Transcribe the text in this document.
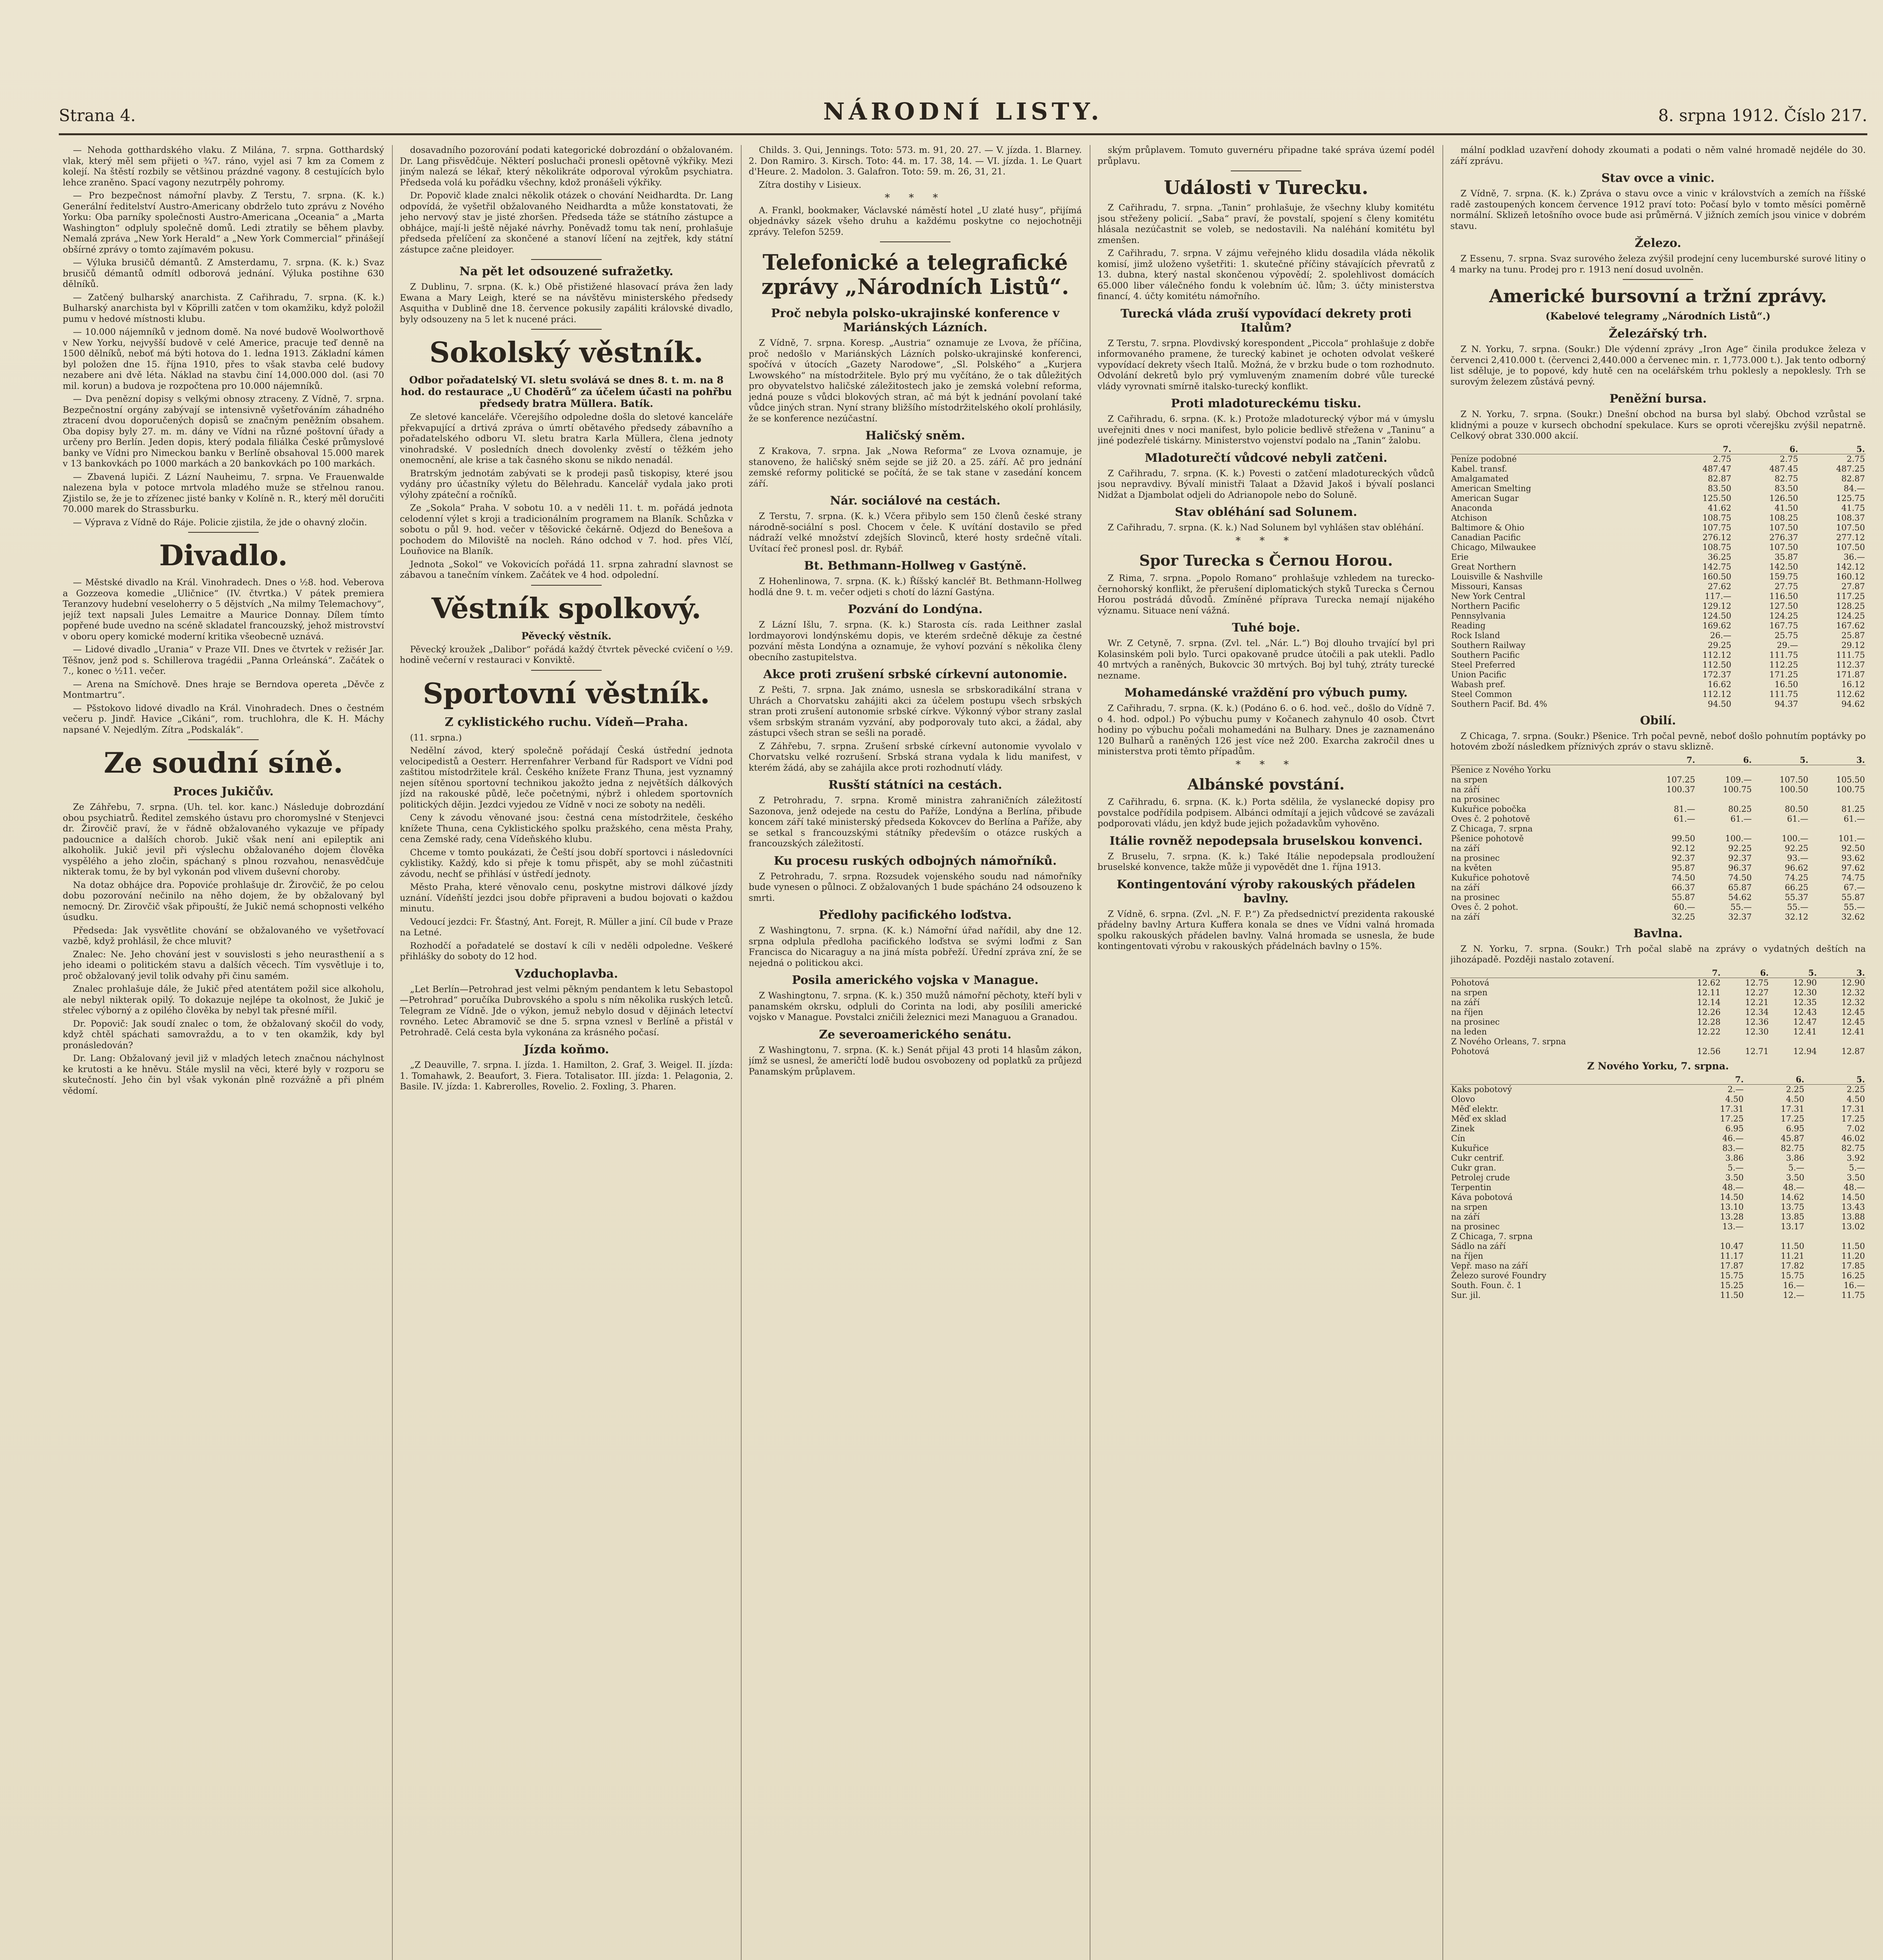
Strana 4.	NÁRODNÍ LISTY.	8. srpna 1912. Číslo 217.

— Nehoda gotthardského vlaku. Z Milána, 7. srpna. Gotthardský vlak, který měl sem přijeti o ¾7. ráno, vyjel asi 7 km za Comem z kolejí. Na štěstí rozbily se většinou prázdné vagony. 8 cestujících bylo lehce zraněno. Spací vagony nezutrpěly pohromy.

— Pro bezpečnost námořní plavby. Z Terstu, 7. srpna. (K. k.) Generální ředitelství Austro-Americany obdrželo tuto zprávu z Nového Yorku: Oba parníky společnosti Austro-Americana „Oceania“ a „Marta Washington“ odpluly společně domů. Ledi ztratily se během plavby. Nemalá zpráva „New York Herald“ a „New York Commercial“ přinášejí obšírné zprávy o tomto zajímavém pokusu.

— Výluka brusičů démantů. Z Amsterdamu, 7. srpna. (K. k.) Svaz brusičů démantů odmítl odborová jednání. Výluka postihne 630 dělníků.

— Zatčený bulharský anarchista. Z Cařihradu, 7. srpna. (K. k.) Bulharský anarchista byl v Köprilli zatčen v tom okamžiku, když položil pumu v hedové místnosti klubu.

— 10.000 nájemníků v jednom domě. Na nové budově Woolworthově v New Yorku, nejvyšší budově v celé Americe, pracuje teď denně na 1500 dělníků, neboť má býti hotova do 1. ledna 1913. Základní kámen byl položen dne 15. října 1910, přes to však stavba celé budovy nezabere ani dvě léta. Náklad na stavbu činí 14,000.000 dol. (asi 70 mil. korun) a budova je rozpočtena pro 10.000 nájemníků.

— Dva penězní dopisy s velkými obnosy ztraceny. Z Vídně, 7. srpna. Bezpečnostní orgány zabývají se intensivně vyšetřováním záhadného ztracení dvou doporučených dopisů se značným peněžním obsahem. Oba dopisy byly 27. m. m. dány ve Vídni na různé poštovní úřady a určeny pro Berlín. Jeden dopis, který podala filiálka České průmyslové banky ve Vídni pro Nimeckou banku v Berlíně obsahoval 15.000 marek v 13 bankovkách po 1000 markách a 20 bankovkách po 100 markách.

— Zbavená lupiči. Z Lázní Nauheimu, 7. srpna. Ve Frauenwalde nalezena byla v potoce mrtvola mladého muže se střelnou ranou. Zjistilo se, že je to zřízenec jisté banky v Kolíně n. R., který měl doručiti 70.000 marek do Strassburku.

— Výprava z Vídně do Ráje. Policie zjistila, že jde o ohavný zločin.

Divadlo.

— Městské divadlo na Král. Vinohradech. Dnes o ½8. hod. Veberova a Gozzeova komedie „Uličnice“ (IV. čtvrtka.) V pátek premiera Teranzovy hudební veseloherry o 5 dějstvích „Na milmy Telemachovy“, jejíž text napsali Jules Lemaitre a Maurice Donnay. Dílem tímto popřené bude uvedno na scéně skladatel francouzský, jehož mistrovství v oboru opery komické moderní kritika všeobecně uznává.

— Lidové divadlo „Urania“ v Praze VII. Dnes ve čtvrtek v režisér Jar. Těšnov, jenž pod s. Schillerova tragédii „Panna Orleánská“. Začátek o 7., konec o ½11. večer.

— Arena na Smíchově. Dnes hraje se Berndova opereta „Děvče z Montmartru“.

— Pšstokovo lidové divadlo na Král. Vinohradech. Dnes o čestném večeru p. Jindř. Havice „Cikáni“, rom. truchlohra, dle K. H. Máchy napsané V. Nejedlým. Zítra „Podskalák“.

Ze soudní síně.
Proces Jukičův.

Ze Záhřebu, 7. srpna. (Uh. tel. kor. kanc.) Následuje dobrozdání obou psychiatrů. Ředitel zemského ústavu pro choromyslné v Stenjevci dr. Žirovčič praví, že v řádně obžalovaného vykazuje ve případy padoucnice a dalších chorob. Jukič však není ani epileptik ani alkoholik. Jukič jevil při výslechu obžalovaného dojem člověka vyspělého a jeho zločin, spáchaný s plnou rozvahou, nenasvědčuje nikterak tomu, že by byl vykonán pod vlivem duševní choroby.

Na dotaz obhájce dra. Popoviće prohlašuje dr. Žirovčič, že po celou dobu pozorování nečinilo na něho dojem, že by obžalovaný byl nemocný. Dr. Zirovčič však připouští, že Jukič nemá schopnosti velkého úsudku.

Předseda: Jak vysvětlite chování se obžalovaného ve vyšetřovací vazbě, když prohlásil, že chce mluvit?

Znalec: Ne. Jeho chování jest v souvislosti s jeho neurasthenií a s jeho ideami o politickém stavu a dalších věcech. Tím vysvětluje i to, proč obžalovaný jevil tolik odvahy při činu samém.

Znalec prohlašuje dále, že Jukič před atentátem požil sice alkoholu, ale nebyl nikterak opilý. To dokazuje nejlépe ta okolnost, že Jukič je střelec výborný a z opilého člověka by nebyl tak přesné mířil.

Dr. Popovič: Jak soudí znalec o tom, že obžalovaný skočil do vody, když chtěl spáchati samovraždu, a to v ten okamžik, kdy byl pronásledován?

Dr. Lang: Obžalovaný jevil již v mladých letech značnou náchylnost ke krutosti a ke hněvu. Stále myslil na věci, které byly v rozporu se skutečností. Jeho čin byl však vykonán plně rozvážně a při plném vědomí.

dosavadního pozorování podati kategorické dobrozdání o obžalovaném. Dr. Lang přisvědčuje. Některí posluchači pronesli opětovně výkřiky. Mezi jiným nalezá se lékař, který několikráte odporoval výrokům psychiatra. Předseda volá ku pořádku všechny, kdož pronášeli výkřiky.

Dr. Popovič klade znalci několik otázek o chování Neidhardta. Dr. Lang odpovídá, že vyšetřil obžalovaného Neidhardta a může konstatovati, že jeho nervový stav je jisté zhoršen. Předseda táže se státního zástupce a obhájce, mají-li ještě nějaké návrhy. Poněvadž tomu tak není, prohlašuje předseda přelíčení za skončené a stanoví líčení na zejtřek, kdy státní zástupce začne pleidoyer.

Na pět let odsouzené sufražetky.

Z Dublinu, 7. srpna. (K. k.) Obě přistižené hlasovací práva žen lady Ewana a Mary Leigh, které se na návštěvu ministerského předsedy Asquitha v Dublině dne 18. července pokusily zapáliti královské divadlo, byly odsouzeny na 5 let k nucené práci.

Sokolský věstník.
Odbor pořadatelský VI. sletu svolává se dnes 8. t. m. na 8 hod. do restaurace „U Choděrů“ za účelem účasti na pohřbu předsedy bratra Müllera. Batík.

Ze sletové kanceláře. Včerejšího odpoledne došla do sletové kanceláře překvapující a drtivá zpráva o úmrtí obětavého předsedy zábavního a pořadatelského odboru VI. sletu bratra Karla Müllera, člena jednoty vinohradské. V posledních dnech dovolenky zvěstí o těžkém jeho onemocnění, ale krise a tak časného skonu se nikdo nenadál.

Bratrským jednotám zabývati se k prodeji pasů tiskopisy, které jsou vydány pro účastníky výletu do Bělehradu. Kancelář vydala jako proti výlohy zpáteční a ročníků.

Ze „Sokola“ Praha. V sobotu 10. a v neděli 11. t. m. pořádá jednota celodenní výlet s kroji a tradicionálním programem na Blaník. Schůzka v sobotu o půl 9. hod. večer v těšovické čekárně. Odjezd do Benešova a pochodem do Miloviště na nocleh. Ráno odchod v 7. hod. přes Vlčí, Louňovice na Blaník.

Jednota „Sokol“ ve Vokovicích pořádá 11. srpna zahradní slavnost se zábavou a tanečním vínkem. Začátek ve 4 hod. odpolední.

Věstník spolkový.
Pěvecký věstník.

Pěvecký kroužek „Dalibor“ pořádá každý čtvrtek pěvecké cvičení o ½9. hodině večerní v restauraci v Konviktě.

Sportovní věstník.
Z cyklistického ruchu. Vídeň—Praha.

(11. srpna.)

Nedělní závod, který společně pořádají Česká ústřední jednota velocipedistů a Oesterr. Herrenfahrer Verband für Radsport ve Vídni pod zaštitou místodržitele král. Českého knížete Franz Thuna, jest vyznamný nejen sítěnou sportovní technikou jakožto jedna z největších dálkových jízd na rakouské půdě, leče početnými, nýbrž i ohledem sportovních politických dějin. Jezdci vyjedou ze Vídně v noci ze soboty na neděli.

Ceny k závodu věnované jsou: čestná cena místodržitele, českého knížete Thuna, cena Cyklistického spolku pražského, cena města Prahy, cena Zemské rady, cena Vídeňského klubu.

Chceme v tomto poukázati, že Čeští jsou dobří sportovci i následovníci cyklistiky. Každý, kdo si přeje k tomu přispět, aby se mohl zúčastniti závodu, nechť se přihlásí v ústředí jednoty.

Město Praha, které věnovalo cenu, poskytne mistrovi dálkové jízdy uznání. Vídeňští jezdci jsou dobře připraveni a budou bojovati o každou minutu.

Vedoucí jezdci: Fr. Šťastný, Ant. Forejt, R. Müller a jiní. Cíl bude v Praze na Letné.

Rozhodčí a pořadatelé se dostaví k cíli v neděli odpoledne. Veškeré přihlášky do soboty do 12 hod.

Vzduchoplavba.

„Let Berlín—Petrohrad jest velmi pěkným pendantem k letu Sebastopol—Petrohrad“ poručíka Dubrovského a spolu s ním několika ruských letců. Telegram ze Vídně. Jde o výkon, jemuž nebylo dosud v dějinách letectví rovného. Letec Abramovič se dne 5. srpna vznesl v Berlíně a přistál v Petrohradě. Celá cesta byla vykonána za krásného počasí.

Jízda koňmo.

„Z Deauville, 7. srpna. I. jízda. 1. Hamilton, 2. Graf, 3. Weigel. II. jízda: 1. Tomahawk, 2. Beaufort, 3. Fiera. Totalisator. III. jízda: 1. Pelagonia, 2. Basile. IV. jízda: 1. Kabrerolles, Rovelio. 2. Foxling, 3. Pharen.

Childs. 3. Qui, Jennings. Toto: 573. m. 91, 20. 27. — V. jízda. 1. Blarney. 2. Don Ramiro. 3. Kirsch. Toto: 44. m. 17. 38, 14. — VI. jízda. 1. Le Quart d'Heure. 2. Madolon. 3. Galafron. Toto: 59. m. 26, 31, 21.

Zítra dostihy v Lisieux.

* * *

A. Frankl, bookmaker, Václavské náměstí hotel „U zlaté husy“, přijímá objednávky sázek všeho druhu a každému poskytne co nejochotněji zprávy. Telefon 5259.

Telefonické a telegrafické zprávy „Národních Listů“.
Proč nebyla polsko-ukrajinské konference v Mariánských Lázních.

Z Vídně, 7. srpna. Koresp. „Austria“ oznamuje ze Lvova, že příčina, proč nedošlo v Mariánských Lázních polsko-ukrajinské konferenci, spočívá v útocích „Gazety Narodowe“, „Sl. Polského“ a „Kurjera Lwowského“ na místodržitele. Bylo prý mu vyčítáno, že o tak důležitých pro obyvatelstvo haličské záležitostech jako je zemská volební reforma, jedná pouze s vůdci blokových stran, ač má být k jednání povolaní také vůdce jiných stran. Nyní strany bližšího místodržitelského okolí prohlásily, že se konference nezúčastní.

Haličský sněm.

Z Krakova, 7. srpna. Jak „Nowa Reforma“ ze Lvova oznamuje, je stanoveno, že haličský sněm sejde se již 20. a 25. září. Ač pro jednání zemské reformy politické se počítá, že se tak stane v zasedání koncem září.

Nár. sociálové na cestách.

Z Terstu, 7. srpna. (K. k.) Včera přibylo sem 150 členů české strany národně-sociální s posl. Chocem v čele. K uvítání dostavilo se před nádraží velké množství zdejších Slovinců, které hosty srdečně vítali. Uvítací řeč pronesl posl. dr. Rybář.

Bt. Bethmann-Hollweg v Gastýně.

Z Hohenlinowa, 7. srpna. (K. k.) Říšský kancléř Bt. Bethmann-Hollweg hodlá dne 9. t. m. večer odjeti s chotí do lázní Gastýna.

Pozvání do Londýna.

Z Lázní Išlu, 7. srpna. (K. k.) Starosta cís. rada Leithner zaslal lordmayorovi londýnskému dopis, ve kterém srdečně děkuje za čestné pozvání města Londýna a oznamuje, že vyhoví pozvání s několika členy obecního zastupitelstva.

Akce proti zrušení srbské církevní autonomie.

Z Pešti, 7. srpna. Jak známo, usnesla se srbskoradikální strana v Uhrách a Chorvatsku zahájiti akci za účelem postupu všech srbských stran proti zrušení autonomie srbské církve. Výkonný výbor strany zaslal všem srbským stranám vyzvání, aby podporovaly tuto akci, a žádal, aby zástupci všech stran se sešli na poradě.

Z Záhřebu, 7. srpna. Zrušení srbské církevní autonomie vyvolalo v Chorvatsku velké rozrušení. Srbská strana vydala k lidu manifest, v kterém žádá, aby se zahájila akce proti rozhodnutí vlády.

Rusští státníci na cestách.

Z Petrohradu, 7. srpna. Kromě ministra zahraničních záležitostí Sazonova, jenž odejede na cestu do Paříže, Londýna a Berlína, přibude koncem září také ministerský předseda Kokovcev do Berlína a Paříže, aby se setkal s francouzskými státníky především o otázce ruských a francouzských záležitostí.

Ku procesu ruských odbojných námořníků.

Z Petrohradu, 7. srpna. Rozsudek vojenského soudu nad námořníky bude vynesen o půlnoci. Z obžalovaných 1 bude spácháno 24 odsouzeno k smrti.

Předlohy pacifického loďstva.

Z Washingtonu, 7. srpna. (K. k.) Námořní úřad nařídil, aby dne 12. srpna odplula předloha pacifického loďstva se svými loďmi z San Francisca do Nicaraguy a na jiná místa pobřeží. Úřední zpráva zní, že se nejedná o politickou akci.

Posila amerického vojska v Manague.

Z Washingtonu, 7. srpna. (K. k.) 350 mužů námořní pěchoty, kteří byli v panamském okrsku, odpluli do Corinta na lodi, aby posílili americké vojsko v Manague. Povstalci zničili železnici mezi Managuou a Granadou.

Ze severoamerického senátu.

Z Washingtonu, 7. srpna. (K. k.) Senát přijal 43 proti 14 hlasům zákon, jímž se usnesl, že američtí lodě budou osvobozeny od poplatků za průjezd Panamským průplavem.

ským průplavem. Tomuto guvernéru připadne také správa území podél průplavu.

Události v Turecku.

Z Cařihradu, 7. srpna. „Tanin“ prohlašuje, že všechny kluby komitétu jsou střeženy policií. „Saba“ praví, že povstalí, spojení s členy komitétu hlásala nezúčastnit se voleb, se nedostavili. Na naléhání komitétu byl zmenšen.

Z Cařihradu, 7. srpna. V zájmu veřejného klidu dosadila vláda několik komisí, jimž uloženo vyšetřiti: 1. skutečné příčiny stávajících převratů z 13. dubna, který nastal skončenou výpovědí; 2. spolehlivost domácích 65.000 liber válečného fondu k volebním úč. lům; 3. účty ministerstva financí, 4. účty komitétu námořního.

Turecká vláda zruší vypovídací dekrety proti Italům?

Z Terstu, 7. srpna. Plovdivský korespondent „Piccola“ prohlašuje z dobře informovaného pramene, že turecký kabinet je ochoten odvolat veškeré vypovídací dekrety všech Italů. Možná, že v brzku bude o tom rozhodnuto. Odvolání dekretů bylo prý vymluveným znamením dobré vůle turecké vlády vyrovnati smírně italsko-turecký konflikt.

Proti mladotureckému tisku.

Z Cařihradu, 6. srpna. (K. k.) Protože mladoturecký výbor má v úmyslu uveřejniti dnes v noci manifest, bylo policie bedlivě střežena v „Taninu“ a jiné podezřelé tiskárny. Ministerstvo vojenství podalo na „Tanin“ žalobu.

Mladoturečtí vůdcové nebyli zatčeni.

Z Cařihradu, 7. srpna. (K. k.) Povesti o zatčení mladotureckých vůdců jsou nepravdivy. Bývalí ministři Talaat a Džavid Jakoš i bývalí poslanci Nidžat a Djambolat odjeli do Adrianopole nebo do Soluně.

Stav obléhání sad Solunem.

Z Cařihradu, 7. srpna. (K. k.) Nad Solunem byl vyhlášen stav obléhání.

* * *
Spor Turecka s Černou Horou.

Z Rima, 7. srpna. „Popolo Romano“ prohlašuje vzhledem na turecko-černohorský konflikt, že přerušení diplomatických styků Turecka s Černou Horou postrádá důvodů. Zmíněné příprava Turecka nemají nijakého významu. Situace není vážná.

Tuhé boje.

Wr. Z Cetyně, 7. srpna. (Zvl. tel. „Nár. L.“) Boj dlouho trvající byl pri Kolasinském poli bylo. Turci opakovaně prudce útočili a pak utekli. Padlo 40 mrtvých a raněných, Bukovcic 30 mrtvých. Boj byl tuhý, ztráty turecké nezname.

Mohamedánské vraždění pro výbuch pumy.

Z Cařihradu, 7. srpna. (K. k.) (Podáno 6. o 6. hod. več., došlo do Vídně 7. o 4. hod. odpol.) Po výbuchu pumy v Kočanech zahynulo 40 osob. Čtvrt hodiny po výbuchu počali mohamedáni na Bulhary. Dnes je zaznamenáno 120 Bulharů a raněných 126 jest více než 200. Exarcha zakročil dnes u ministerstva proti těmto případům.

* * *
Albánské povstání.

Z Cařihradu, 6. srpna. (K. k.) Porta sdělila, že vyslanecké dopisy pro povstalce podřídila podpisem. Albánci odmítají a jejich vůdcové se zavázali podporovati vládu, jen když bude jejich požadavkům vyhověno.

Itálie rovněž nepodepsala bruselskou konvenci.

Z Bruselu, 7. srpna. (K. k.) Také Itálie nepodepsala prodloužení bruselské konvence, takže může ji vypovědět dne 1. října 1913.

Kontingentování výroby rakouských přádelen bavlny.

Z Vídně, 6. srpna. (Zvl. „N. F. P.“) Za předsednictví prezidenta rakouské přádelny bavlny Artura Kuffera konala se dnes ve Vídni valná hromada spolku rakouských přádelen bavlny. Valná hromada se usnesla, že bude kontingentovati výrobu v rakouských přádelnách bavlny o 15%.

mální podklad uzavření dohody zkoumati a podati o něm valné hromadě nejdéle do 30. září zprávu.

Stav ovce a vinic.

Z Vídně, 7. srpna. (K. k.) Zpráva o stavu ovce a vinic v královstvích a zemích na říšské radě zastoupených koncem července 1912 praví toto: Počasí bylo v tomto měsíci poměrně normální. Sklizeň letošního ovoce bude asi průměrná. V jižních zemích jsou vinice v dobrém stavu.

Železo.

Z Essenu, 7. srpna. Svaz surového železa zvýšil prodejní ceny lucemburské surové litiny o 4 marky na tunu. Prodej pro r. 1913 není dosud uvolněn.

Americké bursovní a tržní zprávy.
(Kabelové telegramy „Národních Listů“.)
Železářský trh.

Z N. Yorku, 7. srpna. (Soukr.) Dle výdenní zprávy „Iron Age“ činila produkce železa v červenci 2,410.000 t. (červenci 2,440.000 a červenec min. r. 1,773.000 t.). Jak tento odborný list sděluje, je to popové, kdy hutě cen na ocelářském trhu poklesly a nepoklesly. Trh se surovým železem zůstává pevný.

Peněžní bursa.

Z N. Yorku, 7. srpna. (Soukr.) Dnešní obchod na bursa byl slabý. Obchod vzrůstal se klidnými a pouze v kursech obchodní spekulace. Kurs se oproti včerejšku zvýšil nepatrně. Celkový obrat 330.000 akcií.

	7.	6.	5.
Peníze podobné	2.75	2.75	2.75
Kabel. transf.	487.47	487.45	487.25
Amalgamated	82.87	82.75	82.87
American Smelting	83.50	83.50	84.—
American Sugar	125.50	126.50	125.75
Anaconda	41.62	41.50	41.75
Atchison	108.75	108.25	108.37
Baltimore & Ohio	107.75	107.50	107.50
Canadian Pacific	276.12	276.37	277.12
Chicago, Milwaukee	108.75	107.50	107.50
Erie	36.25	35.87	36.—
Great Northern	142.75	142.50	142.12
Louisville & Nashville	160.50	159.75	160.12
Missouri, Kansas	27.62	27.75	27.87
New York Central	117.—	116.50	117.25
Northern Pacific	129.12	127.50	128.25
Pennsylvania	124.50	124.25	124.25
Reading	169.62	167.75	167.62
Rock Island	26.—	25.75	25.87
Southern Railway	29.25	29.—	29.12
Southern Pacific	112.12	111.75	111.75
Steel Preferred	112.50	112.25	112.37
Union Pacific	172.37	171.25	171.87
Wabash pref.	16.62	16.50	16.12
Steel Common	112.12	111.75	112.62
Southern Pacif. Bd. 4%	94.50	94.37	94.62
Obilí.

Z Chicaga, 7. srpna. (Soukr.) Pšenice. Trh počal pevně, neboť došlo pohnutím poptávky po hotovém zboží následkem příznivých zpráv o stavu sklizně.

	7.	6.	5.	3.
Pšenice z Nového Yorku				
na srpen	107.25	109.—	107.50	105.50
na září	100.37	100.75	100.50	100.75
na prosinec				
Kukuřice pobočka	81.—	80.25	80.50	81.25
Oves č. 2 pohotově	61.—	61.—	61.—	61.—
Z Chicaga, 7. srpna				
Pšenice pohotově	99.50	100.—	100.—	101.—
na září	92.12	92.25	92.25	92.50
na prosinec	92.37	92.37	93.—	93.62
na květen	95.87	96.37	96.62	97.62
Kukuřice pohotově	74.50	74.50	74.25	74.75
na září	66.37	65.87	66.25	67.—
na prosinec	55.87	54.62	55.37	55.87
Oves č. 2 pohot.	60.—	55.—	55.—	55.—
na září	32.25	32.37	32.12	32.62
Bavlna.

Z N. Yorku, 7. srpna. (Soukr.) Trh počal slabě na zprávy o vydatných deštích na jihozápadě. Později nastalo zotavení.

	7.	6.	5.	3.
Pohotová	12.62	12.75	12.90	12.90
na srpen	12.11	12.27	12.30	12.32
na září	12.14	12.21	12.35	12.32
na říjen	12.26	12.34	12.43	12.45
na prosinec	12.28	12.36	12.47	12.45
na leden	12.22	12.30	12.41	12.41
Z Nového Orleans, 7. srpna				
Pohotová	12.56	12.71	12.94	12.87
Z Nového Yorku, 7. srpna.
	7.	6.	5.
Kaks pobotový	2.—	2.25	2.25
Olovo	4.50	4.50	4.50
Měď elektr.	17.31	17.31	17.31
Měď ex sklad	17.25	17.25	17.25
Zinek	6.95	6.95	7.02
Cín	46.—	45.87	46.02
Kukuřice	83.—	82.75	82.75
Cukr centrif.	3.86	3.86	3.92
Cukr gran.	5.—	5.—	5.—
Petrolej crude	3.50	3.50	3.50
Terpentin	48.—	48.—	48.—
Káva pobotová	14.50	14.62	14.50
na srpen	13.10	13.75	13.43
na září	13.28	13.85	13.88
na prosinec	13.—	13.17	13.02
Z Chicaga, 7. srpna			
Sádlo na září	10.47	11.50	11.50
na říjen	11.17	11.21	11.20
Vepř. maso na září	17.87	17.82	17.85
Železo surové Foundry	15.75	15.75	16.25
South. Foun. č. 1	15.25	16.—	16.—
Sur. jil.	11.50	12.—	11.75
